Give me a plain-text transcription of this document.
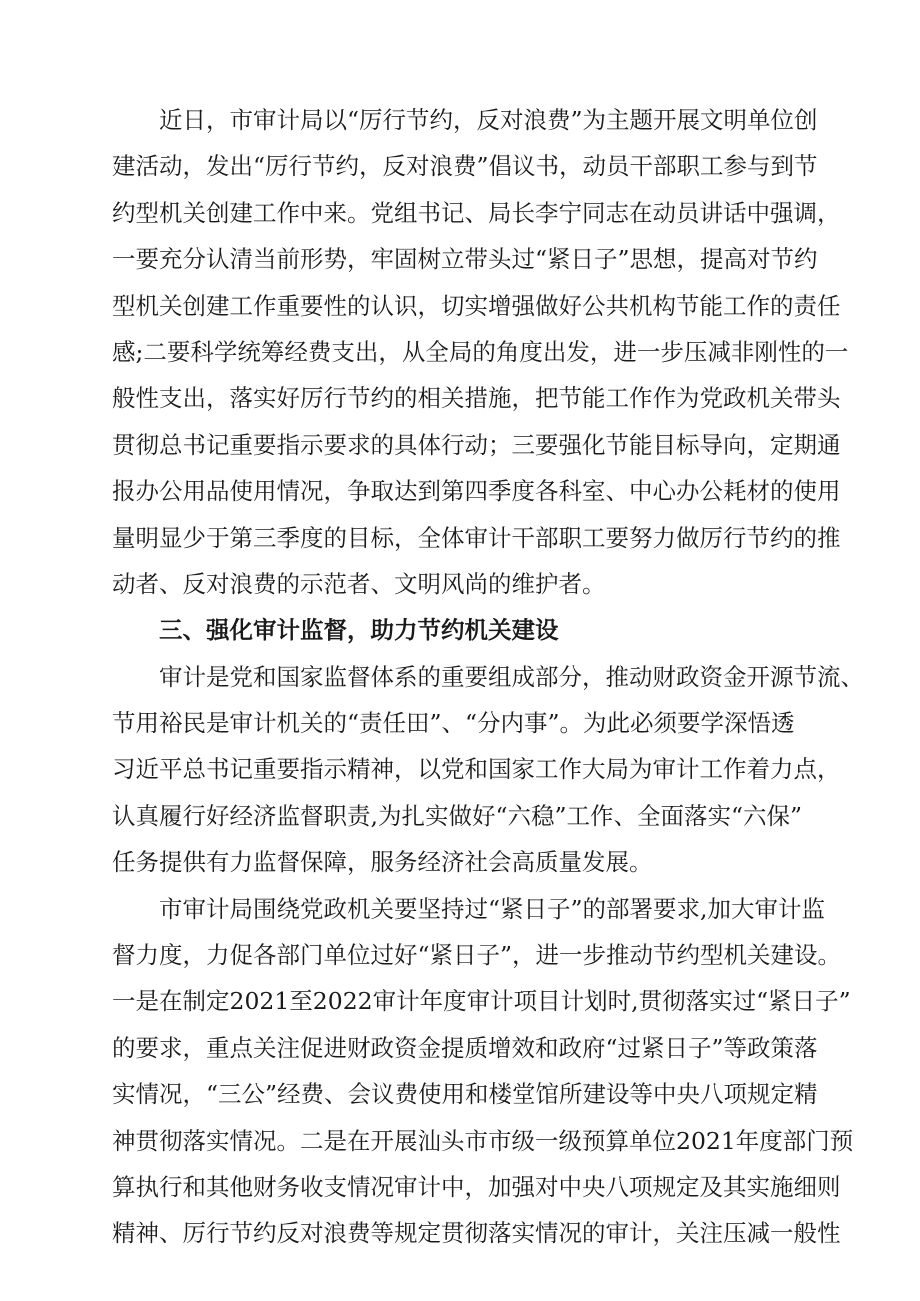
近日，市审计局以“厉行节约，反对浪费”为主题开展文明单位创
建活动，发出“厉行节约，反对浪费”倡议书，动员干部职工参与到节
约型机关创建工作中来。党组书记、局长李宁同志在动员讲话中强调，
一要充分认清当前形势，牢固树立带头过“紧日子”思想，提高对节约
型机关创建工作重要性的认识，切实增强做好公共机构节能工作的责任
感;二要科学统筹经费支出，从全局的角度出发，进一步压减非刚性的一
般性支出，落实好厉行节约的相关措施，把节能工作作为党政机关带头
贯彻总书记重要指示要求的具体行动；三要强化节能目标导向，定期通
报办公用品使用情况，争取达到第四季度各科室、中心办公耗材的使用
量明显少于第三季度的目标，全体审计干部职工要努力做厉行节约的推
动者、反对浪费的示范者、文明风尚的维护者。
三、强化审计监督，助力节约机关建设
审计是党和国家监督体系的重要组成部分，推动财政资金开源节流、
节用裕民是审计机关的“责任田”、“分内事”。为此必须要学深悟透
习近平总书记重要指示精神，以党和国家工作大局为审计工作着力点，
认真履行好经济监督职责,为扎实做好“六稳”工作、全面落实“六保”
任务提供有力监督保障，服务经济社会高质量发展。
市审计局围绕党政机关要坚持过“紧日子”的部署要求,加大审计监
督力度，力促各部门单位过好“紧日子”，进一步推动节约型机关建设。
一是在制定2021至2022审计年度审计项目计划时,贯彻落实过“紧日子”
的要求，重点关注促进财政资金提质增效和政府“过紧日子”等政策落
实情况，“三公”经费、会议费使用和楼堂馆所建设等中央八项规定精
神贯彻落实情况。二是在开展汕头市市级一级预算单位2021年度部门预
算执行和其他财务收支情况审计中，加强对中央八项规定及其实施细则
精神、厉行节约反对浪费等规定贯彻落实情况的审计，关注压减一般性
